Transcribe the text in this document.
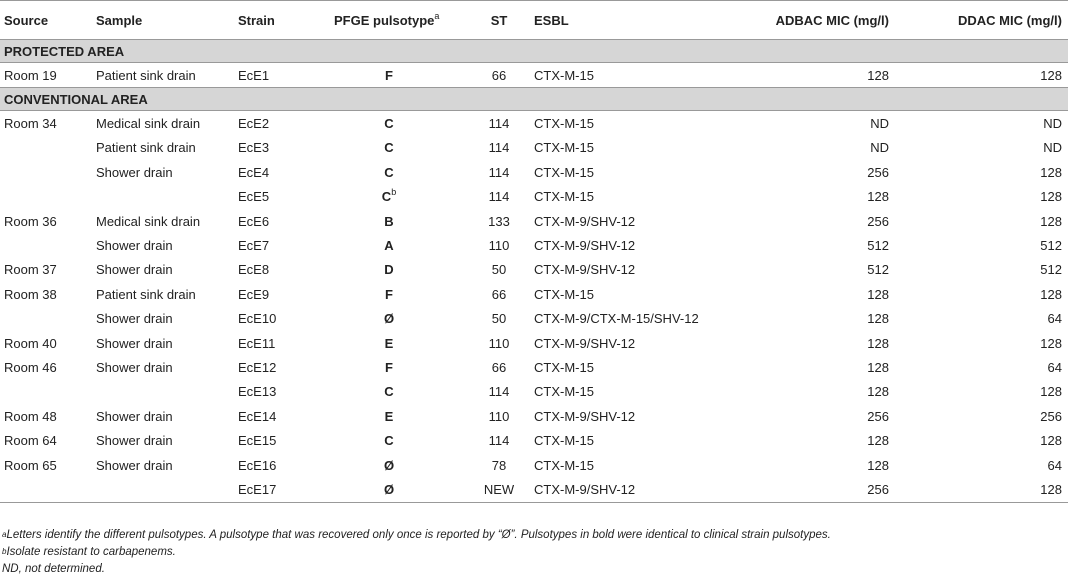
Source	Sample	Strain	PFGE pulsotype$^a$	ST	ESBL	ADBAC MIC (mg/l)	DDAC MIC (mg/l)
PROTECTED AREA							
Room 19	Patient sink drain	EcE1	F	66	CTX-M-15	128	128
CONVENTIONAL AREA							
Room 34	Medical sink drain	EcE2	C	114	CTX-M-15	ND	ND
	Patient sink drain	EcE3	C	114	CTX-M-15	ND	ND
	Shower drain	EcE4	C	114	CTX-M-15	256	128
		EcE5	$C^b$	114	CTX-M-15	128	128
Room 36	Medical sink drain	EcE6	B	133	CTX-M-9/SHV-12	256	128
	Shower drain	EcE7	A	110	CTX-M-9/SHV-12	512	512
Room 37	Shower drain	EcE8	D	50	CTX-M-9/SHV-12	512	512
Room 38	Patient sink drain	EcE9	F	66	CTX-M-15	128	128
	Shower drain	EcE10	Ø	50	CTX-M-9/CTX-M-15/SHV-12	128	64
Room 40	Shower drain	EcE11	E	110	CTX-M-9/SHV-12	128	128
Room 46	Shower drain	EcE12	F	66	CTX-M-15	128	64
		EcE13	C	114	CTX-M-15	128	128
Room 48	Shower drain	EcE14	E	110	CTX-M-9/SHV-12	256	256
Room 64	Shower drain	EcE15	C	114	CTX-M-15	128	128
Room 65	Shower drain	EcE16	Ø	78	CTX-M-15	128	64
		EcE17	Ø	NEW	CTX-M-9/SHV-12	256	128
$^a$Letters identify the different pulsotypes. A pulsotype that was recovered only once is reported by “Ø”. Pulsotypes in bold were identical to clinical strain pulsotypes.
$^b$Isolate resistant to carbapenems.
ND, not determined.
